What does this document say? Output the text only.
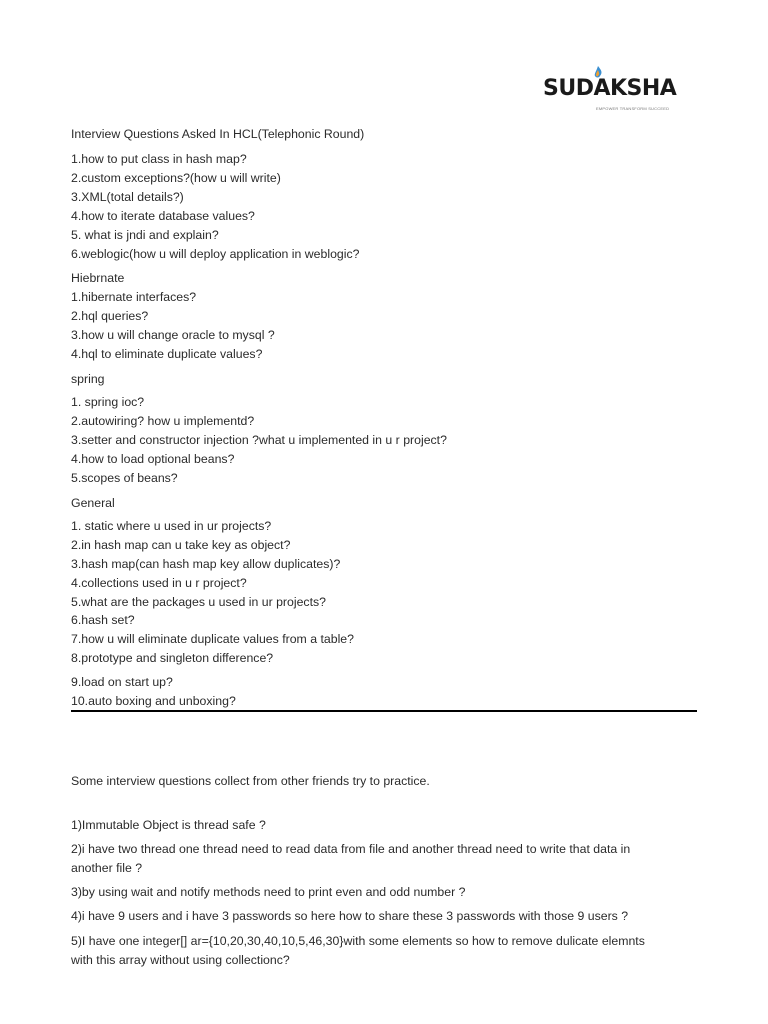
SUDAKSHA
EMPOWER TRANSFORM SUCCEED
Interview Questions Asked In HCL(Telephonic Round)
1.how to put class in hash map?
2.custom exceptions?(how u will write)
3.XML(total details?)
4.how to iterate database values?
5. what is jndi and explain?
6.weblogic(how u will deploy application in weblogic?
Hiebrnate
1.hibernate interfaces?
2.hql queries?
3.how u will change oracle to mysql ?
4.hql to eliminate duplicate values?
spring
1. spring ioc?
2.autowiring? how u implementd?
3.setter and constructor injection ?what u implemented in u r project?
4.how to load optional beans?
5.scopes of beans?
General
1. static where u used in ur projects?
2.in hash map can u take key as object?
3.hash map(can hash map key allow duplicates)?
4.collections used in u r project?
5.what are the packages u used in ur projects?
6.hash set?
7.how u will eliminate duplicate values from a table?
8.prototype and singleton difference?
9.load on start up?
10.auto boxing and unboxing?
Some interview questions collect from other friends try to practice.
1)Immutable Object is thread safe ?
2)i have two thread one thread need to read data from file and another thread need to write that data in
another file ?
3)by using wait and notify methods need to print even and odd number ?
4)i have 9 users and i have 3 passwords so here how to share these 3 passwords with those 9 users ?
5)I have one integer[] ar={10,20,30,40,10,5,46,30}with some elements so how to remove dulicate elemnts
with this array without using collectionc?
